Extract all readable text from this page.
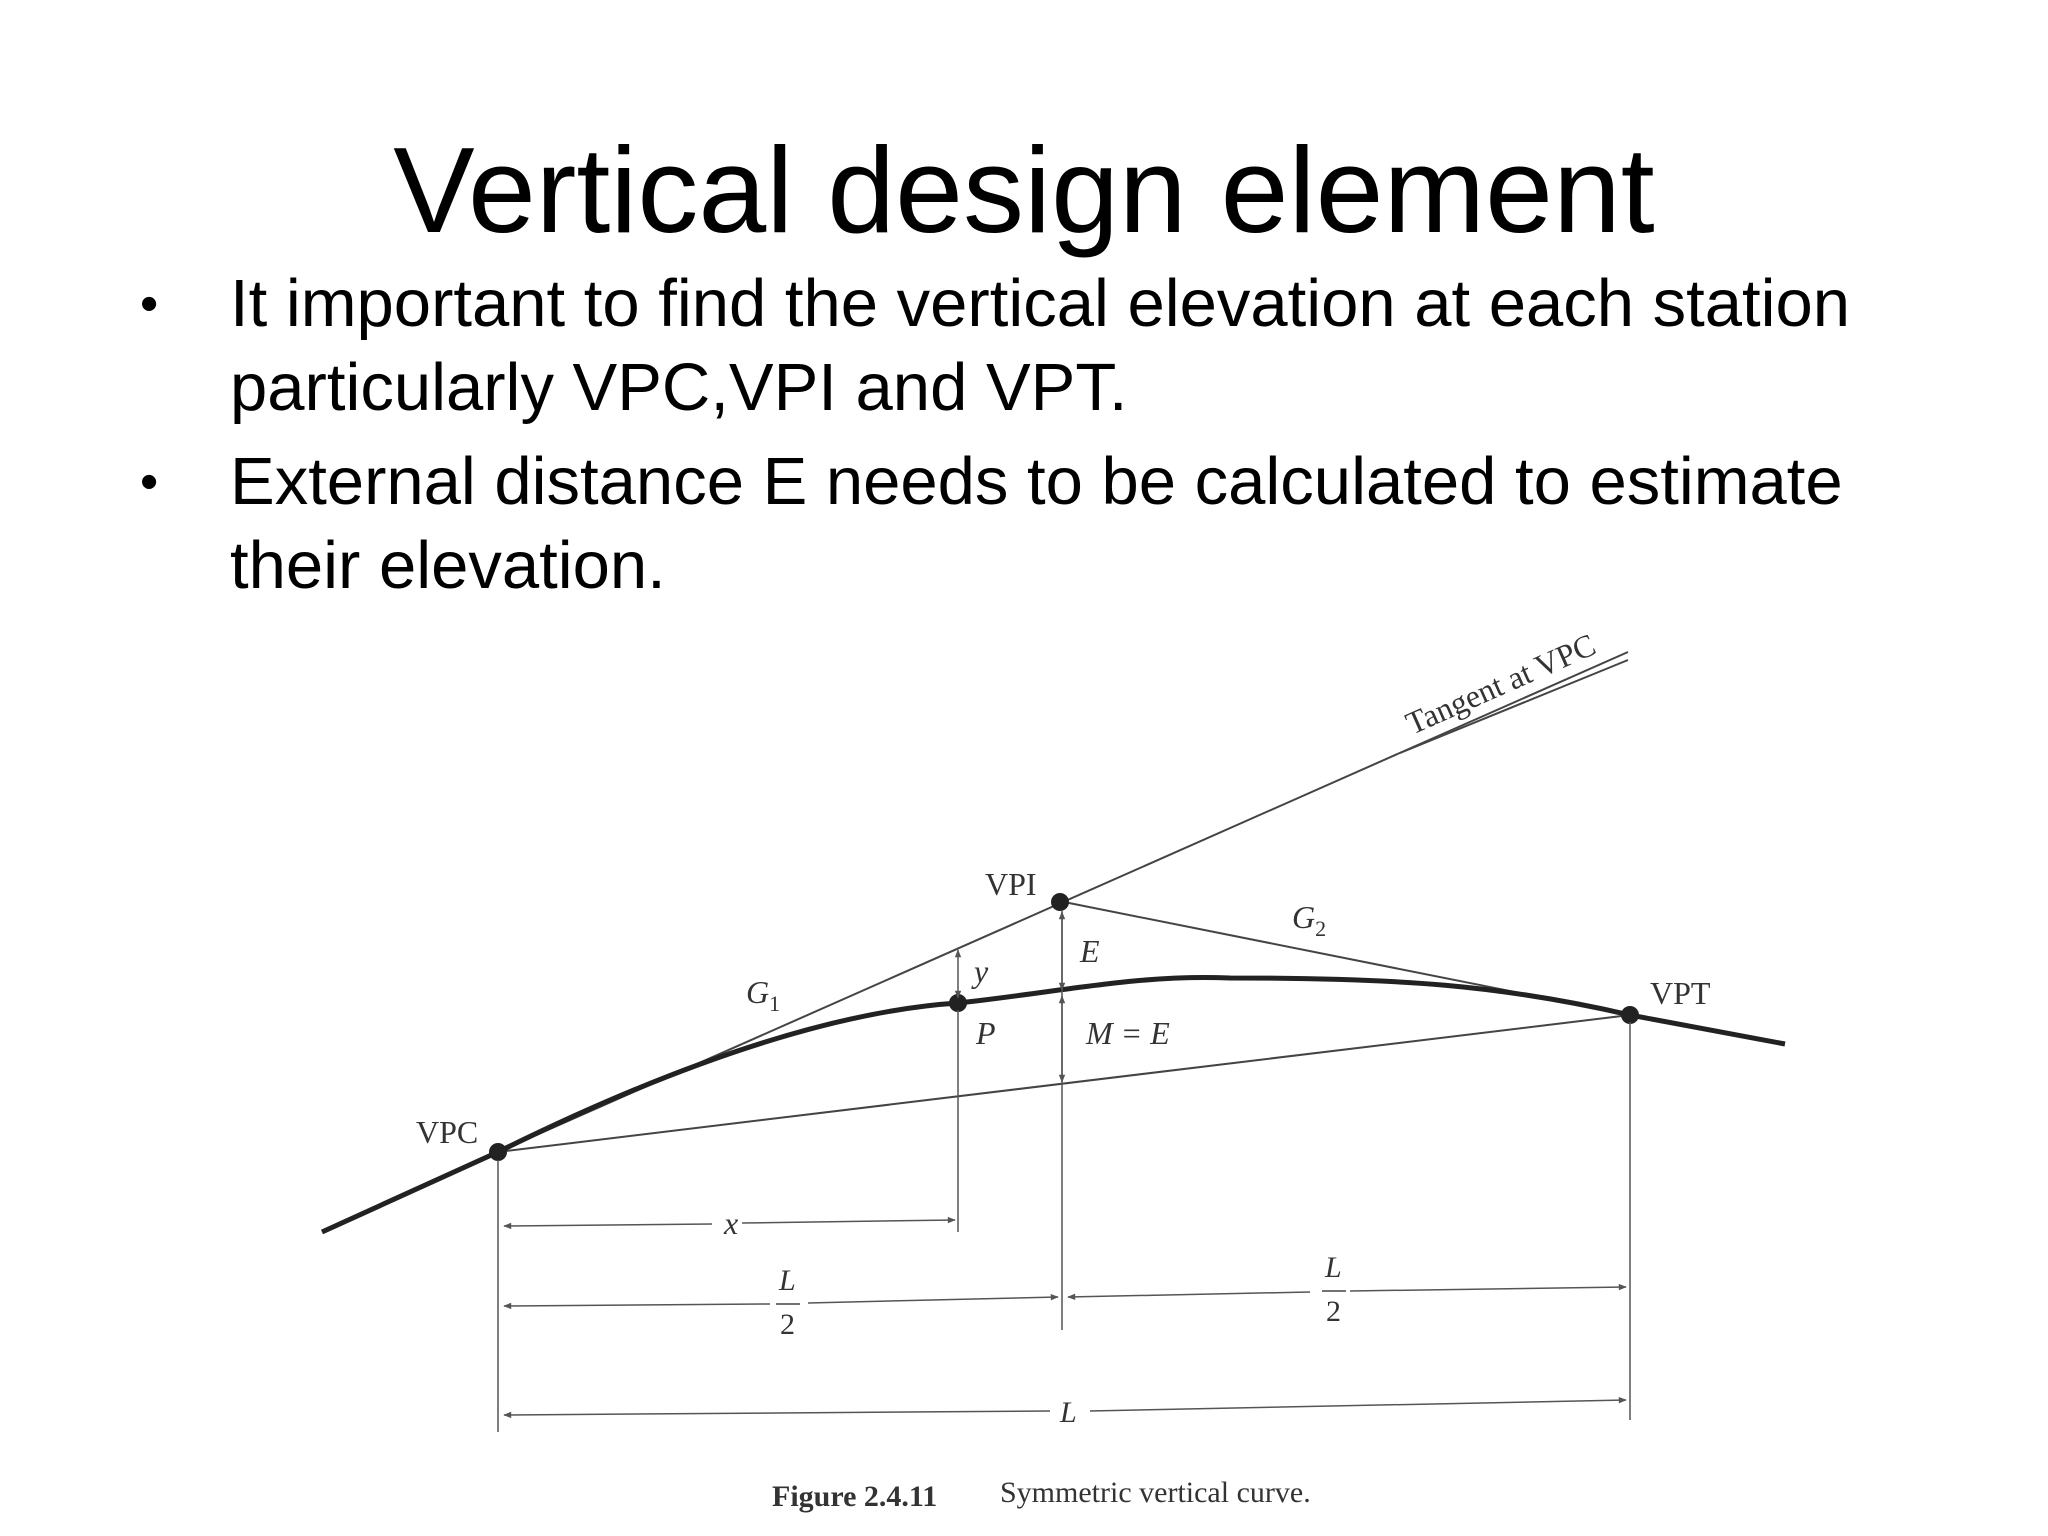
Vertical design element
• It important to find the vertical elevation at each station particularly VPC,VPI and VPT.
• External distance E needs to be calculated to estimate their elevation.
Tangent at VPC
VPI
VPC
VPT
$G_1$
$G_2$
E
y
P	M = E
x
L
2
L
2
L
Figure 2.4.11 Symmetric vertical curve.
